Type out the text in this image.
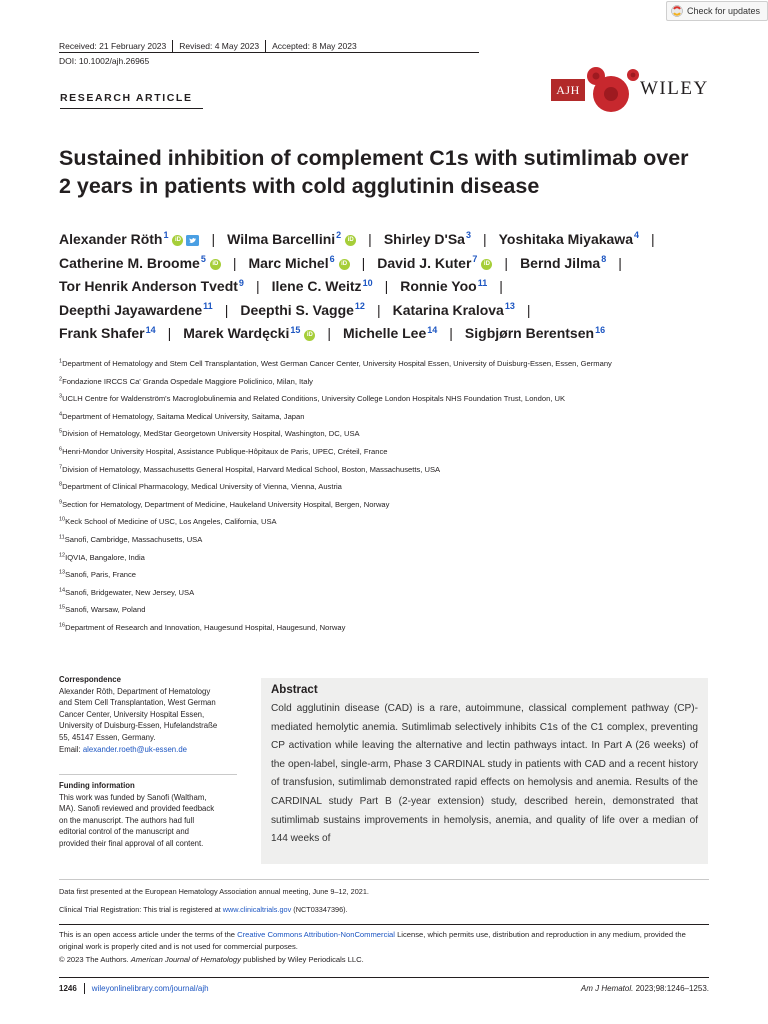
Check for updates
Received: 21 February 2023 Revised: 4 May 2023 Accepted: 8 May 2023
DOI: 10.1002/ajh.26965
RESEARCH ARTICLE
AJH	WILEY
Sustained inhibition of complement C1s with sutimlimab over
2 years in patients with cold agglutinin disease
Alexander Röth$^1$	iD | Wilma Barcellini$^2$	iD | Shirley D'Sa$^3$ | Yoshitaka Miyakawa$^4$ |
Catherine M. Broome$^5$	iD | Marc Michel$^6$	iD | David J. Kuter$^7$	iD | Bernd Jilma$^8$ |
Tor Henrik Anderson Tvedt$^9$ | Ilene C. Weitz$^{10}$ | Ronnie Yoo$^{11}$ |
Deepthi Jayawardene$^{11}$ | Deepthi S. Vagge$^{12}$ | Katarina Kralova$^{13}$ |
Frank Shafer$^{14}$ | Marek Wardęcki$^{15}$	iD | Michelle Lee$^{14}$ | Sigbjørn Berentsen$^{16}$
$^1$Department of Hematology and Stem Cell Transplantation, West German Cancer Center, University Hospital Essen, University of Duisburg-Essen, Essen, Germany
$^2$Fondazione IRCCS Ca' Granda Ospedale Maggiore Policlinico, Milan, Italy
$^3$UCLH Centre for Waldenström's Macroglobulinemia and Related Conditions, University College London Hospitals NHS Foundation Trust, London, UK
$^4$Department of Hematology, Saitama Medical University, Saitama, Japan
$^5$Division of Hematology, MedStar Georgetown University Hospital, Washington, DC, USA
$^6$Henri-Mondor University Hospital, Assistance Publique-Hôpitaux de Paris, UPEC, Créteil, France
$^7$Division of Hematology, Massachusetts General Hospital, Harvard Medical School, Boston, Massachusetts, USA
$^8$Department of Clinical Pharmacology, Medical University of Vienna, Vienna, Austria
$^9$Section for Hematology, Department of Medicine, Haukeland University Hospital, Bergen, Norway
$^{10}$Keck School of Medicine of USC, Los Angeles, California, USA
$^{11}$Sanofi, Cambridge, Massachusetts, USA
$^{12}$IQVIA, Bangalore, India
$^{13}$Sanofi, Paris, France
$^{14}$Sanofi, Bridgewater, New Jersey, USA
$^{15}$Sanofi, Warsaw, Poland
$^{16}$Department of Research and Innovation, Haugesund Hospital, Haugesund, Norway
Correspondence
Alexander Röth, Department of Hematology
and Stem Cell Transplantation, West German
Cancer Center, University Hospital Essen,
University of Duisburg-Essen, Hufelandstraße
55, 45147 Essen, Germany.
Email: alexander.roeth@uk-essen.de
Funding information
This work was funded by Sanofi (Waltham,
MA). Sanofi reviewed and provided feedback
on the manuscript. The authors had full
editorial control of the manuscript and
provided their final approval of all content.
Abstract
Cold agglutinin disease (CAD) is a rare, autoimmune, classical complement pathway (CP)-mediated hemolytic anemia. Sutimlimab selectively inhibits C1s of the C1 complex, preventing CP activation while leaving the alternative and lectin pathways intact. In Part A (26 weeks) of the open-label, single-arm, Phase 3 CARDINAL study in patients with CAD and a recent history of transfusion, sutimlimab demonstrated rapid effects on hemolysis and anemia. Results of the CARDINAL study Part B (2-year extension) study, described herein, demonstrated that sutimlimab sustains improvements in hemolysis, anemia, and quality of life over a median of 144 weeks of
Data first presented at the European Hematology Association annual meeting, June 9–12, 2021.
Clinical Trial Registration: This trial is registered at www.clinicaltrials.gov (NCT03347396).
This is an open access article under the terms of the Creative Commons Attribution-NonCommercial License, which permits use, distribution and reproduction in any medium, provided the original work is properly cited and is not used for commercial purposes.
© 2023 The Authors. American Journal of Hematology published by Wiley Periodicals LLC.
1246 wileyonlinelibrary.com/journal/ajh	Am J Hematol. 2023;98:1246–1253.
